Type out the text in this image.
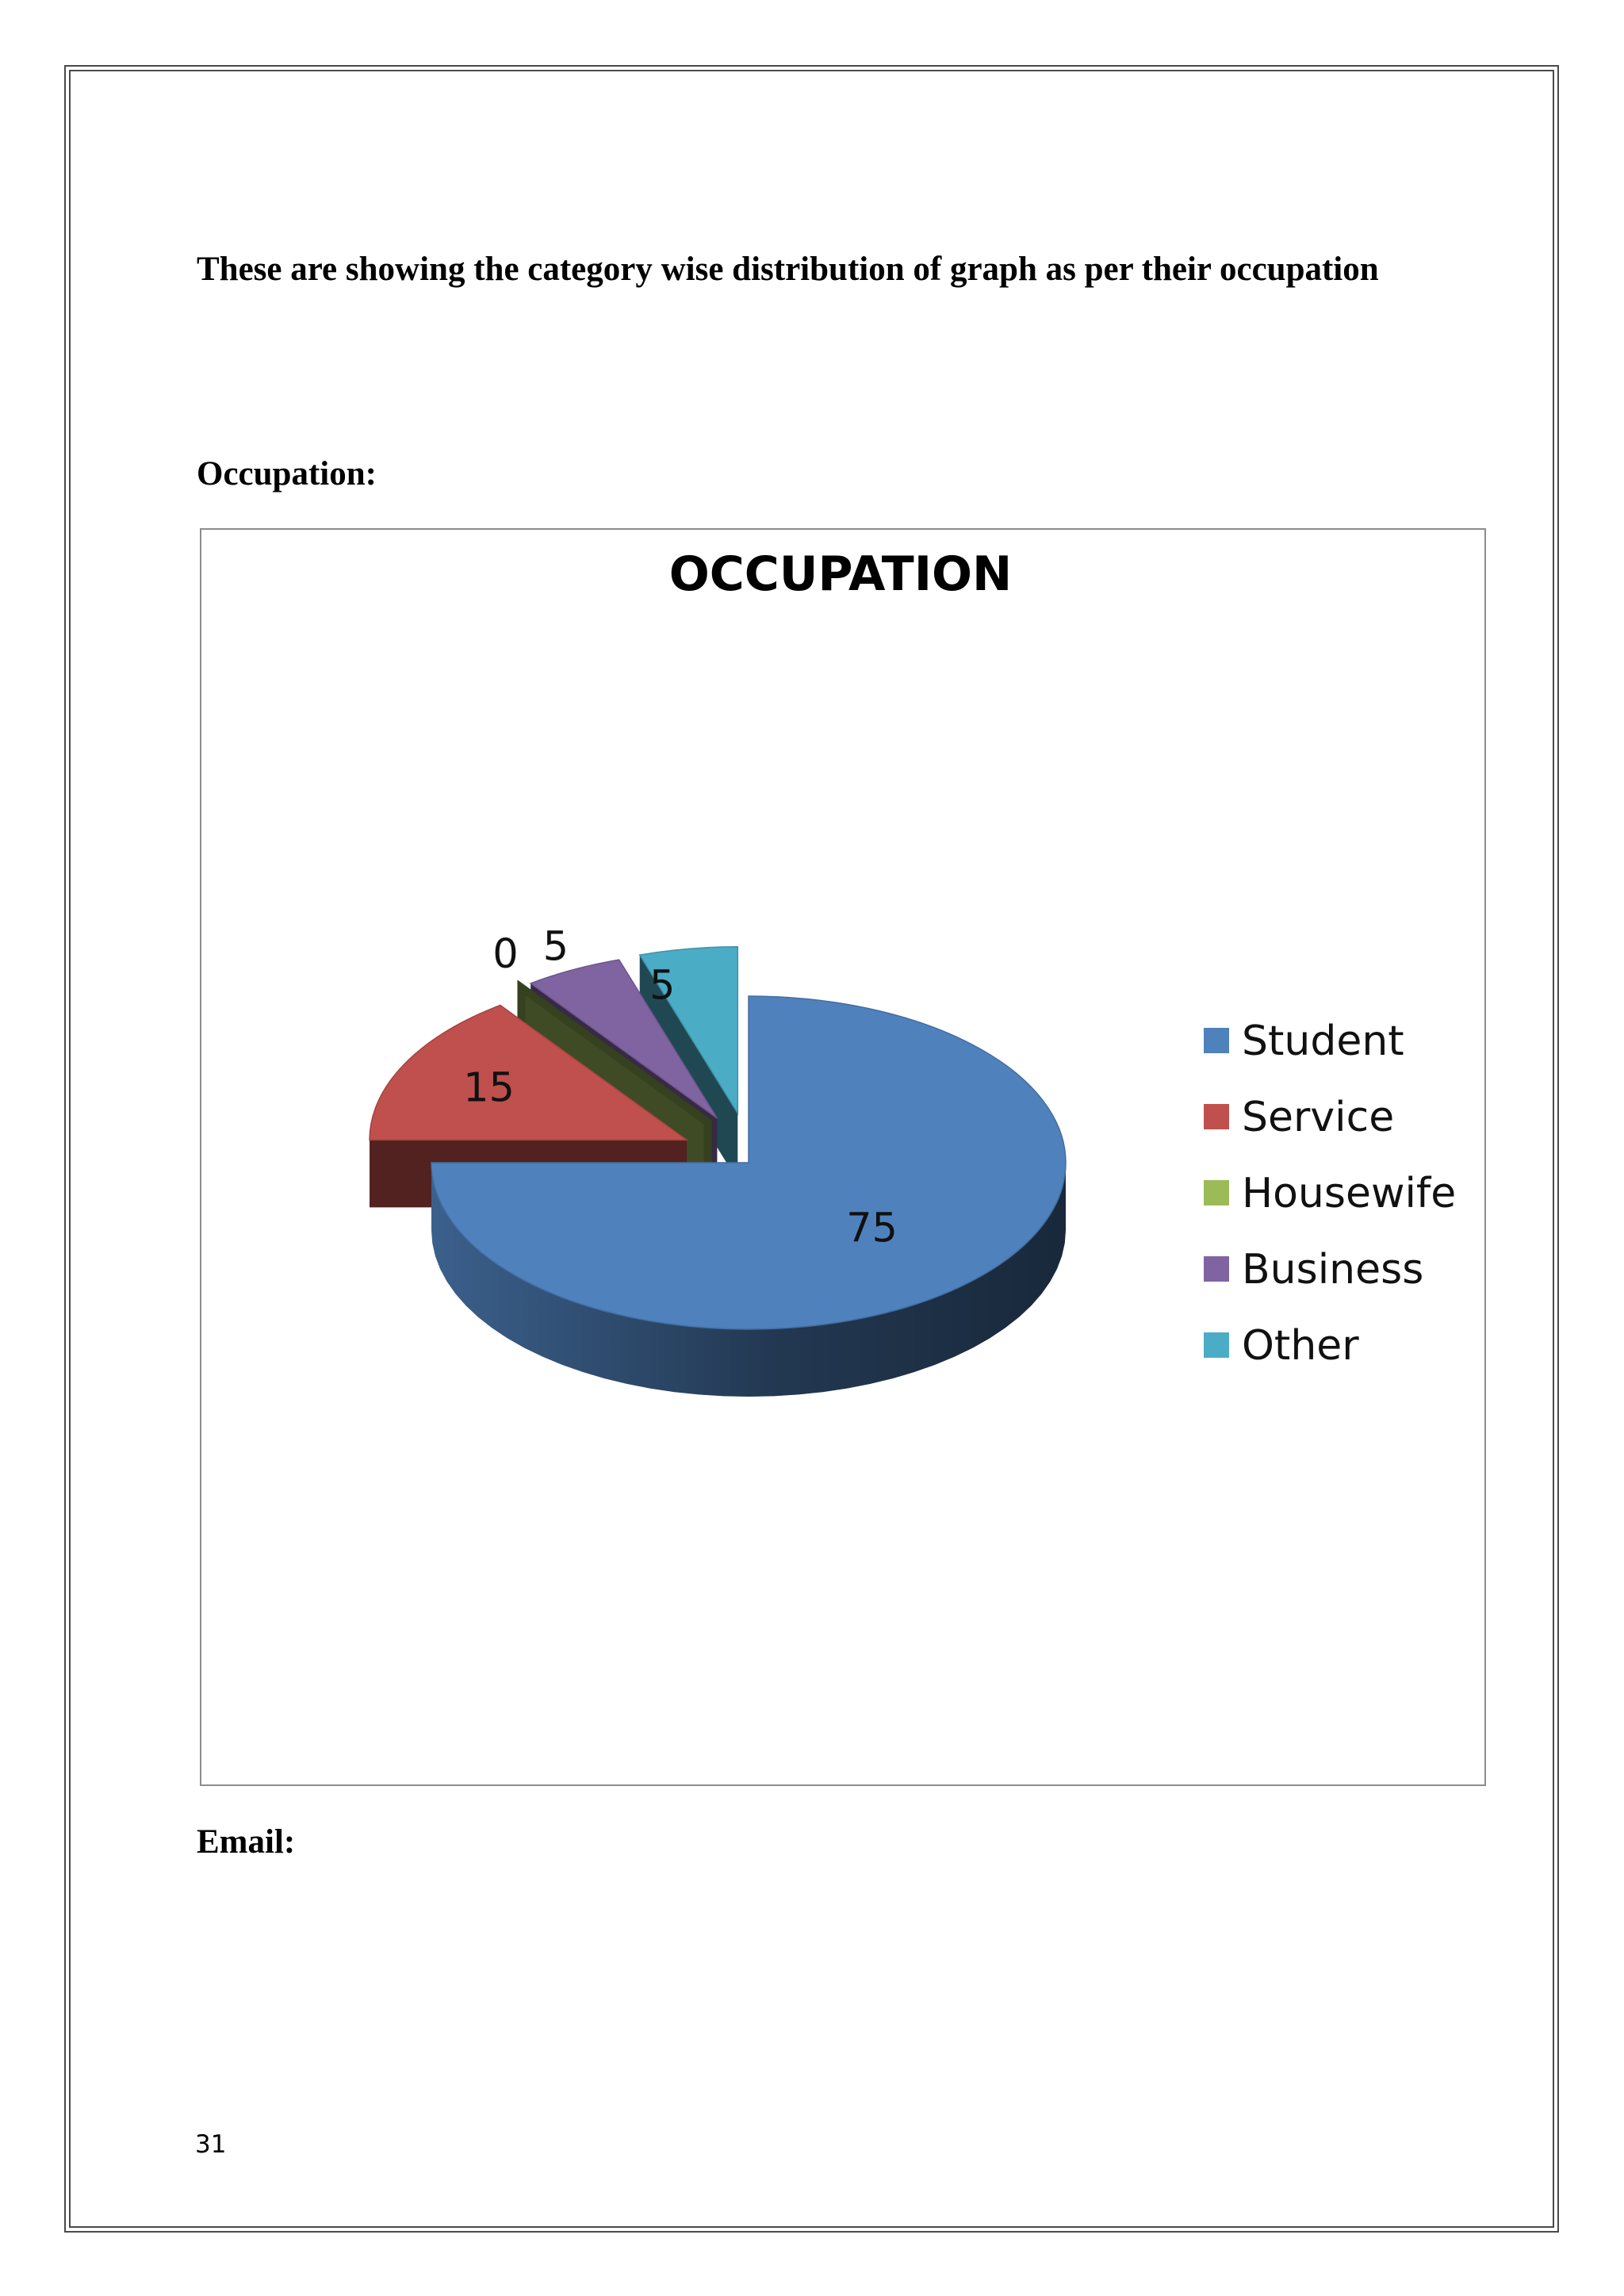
These are showing the category wise distribution of graph as per their occupation
Occupation:
OCCUPATION
75
15
0 5
5
Student
Service
Housewife
Business
Other
Email:
31
